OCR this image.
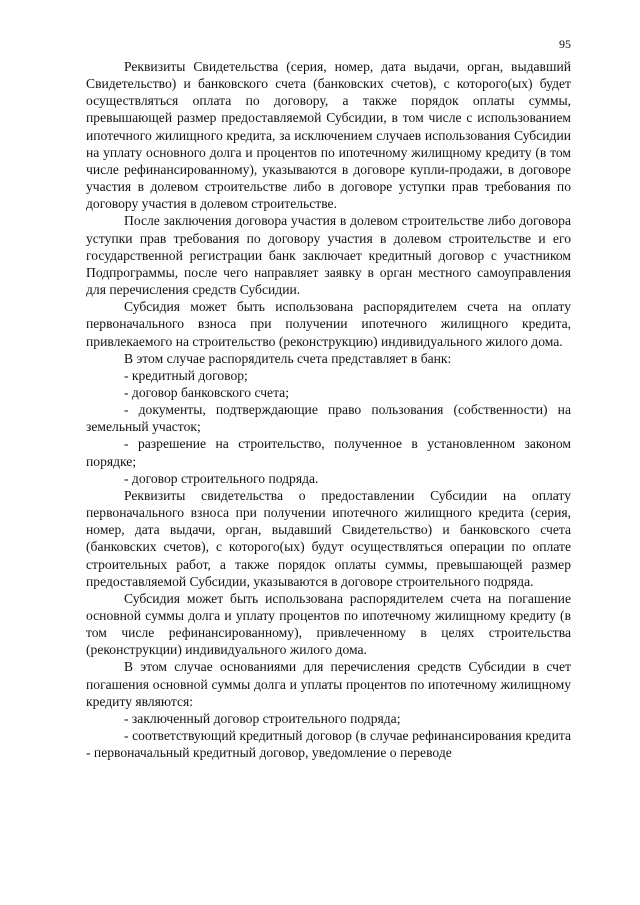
95

Реквизиты Свидетельства (серия, номер, дата выдачи, орган, выдавший Свидетельство) и банковского счета (банковских счетов), с которого(ых) будет осуществляться оплата по договору, а также порядок оплаты суммы, превышающей размер предоставляемой Субсидии, в том числе с использованием ипотечного жилищного кредита, за исключением случаев использования Субсидии на уплату основного долга и процентов по ипотечному жилищному кредиту (в том числе рефинансированному), указываются в договоре купли-продажи, в договоре участия в долевом строительстве либо в договоре уступки прав требования по договору участия в долевом строительстве.

После заключения договора участия в долевом строительстве либо договора уступки прав требования по договору участия в долевом строительстве и его государственной регистрации банк заключает кредитный договор с участником Подпрограммы, после чего направляет заявку в орган местного самоуправления для перечисления средств Субсидии.

Субсидия может быть использована распорядителем счета на оплату первоначального взноса при получении ипотечного жилищного кредита, привлекаемого на строительство (реконструкцию) индивидуального жилого дома.

В этом случае распорядитель счета представляет в банк:

- кредитный договор;

- договор банковского счета;

- документы, подтверждающие право пользования (собственности) на земельный участок;

- разрешение на строительство, полученное в установленном законом порядке;

- договор строительного подряда.

Реквизиты свидетельства о предоставлении Субсидии на оплату первоначального взноса при получении ипотечного жилищного кредита (серия, номер, дата выдачи, орган, выдавший Свидетельство) и банковского счета (банковских счетов), с которого(ых) будут осуществляться операции по оплате строительных работ, а также порядок оплаты суммы, превышающей размер предоставляемой Субсидии, указываются в договоре строительного подряда.

Субсидия может быть использована распорядителем счета на погашение основной суммы долга и уплату процентов по ипотечному жилищному кредиту (в том числе рефинансированному), привлеченному в целях строительства (реконструкции) индивидуального жилого дома.

В этом случае основаниями для перечисления средств Субсидии в счет погашения основной суммы долга и уплаты процентов по ипотечному жилищному кредиту являются:

- заключенный договор строительного подряда;

- соответствующий кредитный договор (в случае рефинансирования кредита - первоначальный кредитный договор, уведомление о переводе
